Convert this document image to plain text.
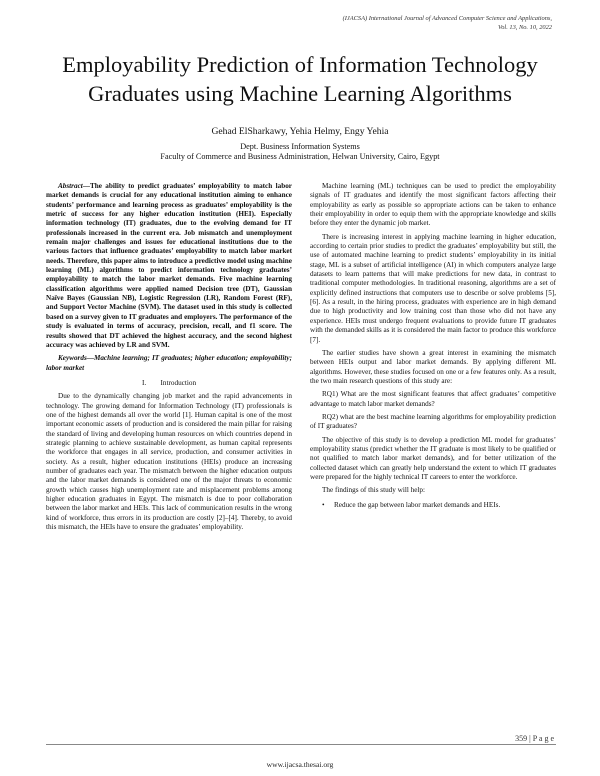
(IJACSA) International Journal of Advanced Computer Science and Applications,
Vol. 13, No. 10, 2022
Employability Prediction of Information Technology
Graduates using Machine Learning Algorithms
Gehad ElSharkawy, Yehia Helmy, Engy Yehia
Dept. Business Information Systems
Faculty of Commerce and Business Administration, Helwan University, Cairo, Egypt

Abstract—The ability to predict graduates’ employability to match labor market demands is crucial for any educational institution aiming to enhance students’ performance and learning process as graduates’ employability is the metric of success for any higher education institution (HEI). Especially information technology (IT) graduates, due to the evolving demand for IT professionals increased in the current era. Job mismatch and unemployment remain major challenges and issues for educational institutions due to the various factors that influence graduates’ employability to match labor market needs. Therefore, this paper aims to introduce a predictive model using machine learning (ML) algorithms to predict information technology graduates’ employability to match the labor market demands. Five machine learning classification algorithms were applied named Decision tree (DT), Gaussian Naïve Bayes (Gaussian NB), Logistic Regression (LR), Random Forest (RF), and Support Vector Machine (SVM). The dataset used in this study is collected based on a survey given to IT graduates and employers. The performance of the study is evaluated in terms of accuracy, precision, recall, and f1 score. The results showed that DT achieved the highest accuracy, and the second highest accuracy was achieved by LR and SVM.

Keywords—Machine learning; IT graduates; higher education; employability; labor market

I.  Introduction

Due to the dynamically changing job market and the rapid advancements in technology. The growing demand for Information Technology (IT) professionals is one of the highest demands all over the world [1]. Human capital is one of the most important economic assets of production and is considered the main pillar for raising the standard of living and developing human resources on which countries depend in strategic planning to achieve sustainable development, as human capital represents the workforce that engages in all service, production, and consumer activities in society. As a result, higher education institutions (HEIs) produce an increasing number of graduates each year. The mismatch between the higher education outputs and the labor market demands is considered one of the major threats to economic growth which causes high unemployment rate and misplacement problems among higher education graduates in Egypt. The mismatch is due to poor collaboration between the labor market and HEIs. This lack of communication results in the wrong kind of workforce, thus errors in its production are costly [2]–[4]. Thereby, to avoid this mismatch, the HEIs have to ensure the graduates’ employability.

Machine learning (ML) techniques can be used to predict the employability signals of IT graduates and identify the most significant factors affecting their employability as early as possible so appropriate actions can be taken to enhance their employability in order to equip them with the appropriate knowledge and skills before they enter the dynamic job market.

There is increasing interest in applying machine learning in higher education, according to certain prior studies to predict the graduates’ employability but still, the use of automated machine learning to predict students’ employability in its initial stage, ML is a subset of artificial intelligence (AI) in which computers analyze large datasets to learn patterns that will make predictions for new data, in contrast to traditional computer methodologies. In traditional reasoning, algorithms are a set of explicitly defined instructions that computers use to describe or solve problems [5], [6]. As a result, in the hiring process, graduates with experience are in high demand due to high productivity and low training cost than those who did not have any experience. HEIs must undergo frequent evaluations to provide future IT graduates with the demanded skills as it is considered the main factor to produce this workforce [7].

The earlier studies have shown a great interest in examining the mismatch between HEIs output and labor market demands. By applying different ML algorithms. However, these studies focused on one or a few features only. As a result, the two main research questions of this study are:

RQ1) What are the most significant features that affect graduates’ competitive advantage to match labor market demands?

RQ2) what are the best machine learning algorithms for employability prediction of IT graduates?

The objective of this study is to develop a prediction ML model for graduates’ employability status (predict whether the IT graduate is most likely to be qualified or not qualified to match labor market demands), and for better utilization of the collected dataset which can greatly help understand the extent to which IT graduates were prepared for the highly technical IT careers to enter the workforce.

The findings of this study will help:

• Reduce the gap between labor market demands and HEIs.
359 | P a g e
www.ijacsa.thesai.org
